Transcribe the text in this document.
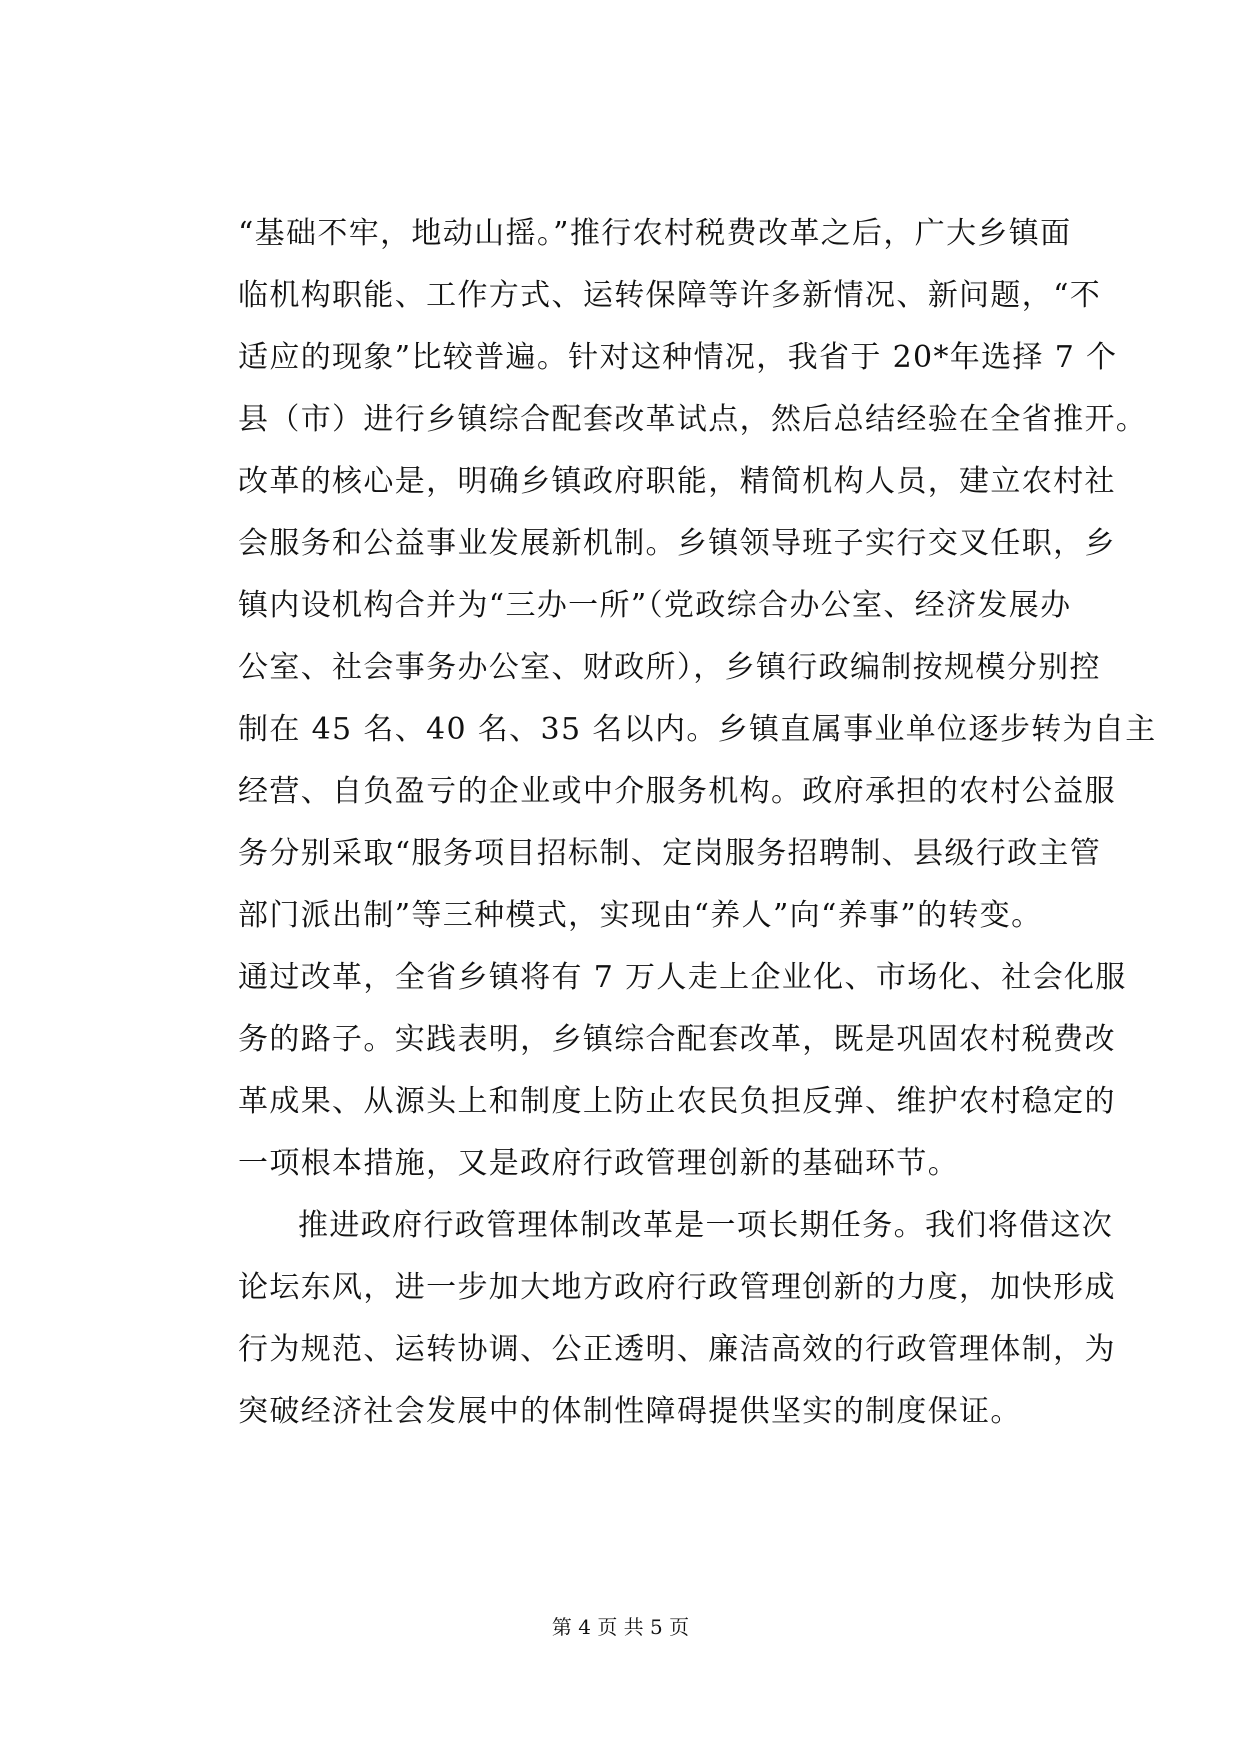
“基础不牢，地动山摇。”推行农村税费改革之后，广大乡镇面
临机构职能、工作方式、运转保障等许多新情况、新问题，“不
适应的现象”比较普遍。针对这种情况，我省于 20*年选择 7 个
县（市）进行乡镇综合配套改革试点，然后总结经验在全省推开。
改革的核心是，明确乡镇政府职能，精简机构人员，建立农村社
会服务和公益事业发展新机制。乡镇领导班子实行交叉任职，乡
镇内设机构合并为“三办一所”（党政综合办公室、经济发展办
公室、社会事务办公室、财政所），乡镇行政编制按规模分别控
制在 45 名、40 名、35 名以内。乡镇直属事业单位逐步转为自主
经营、自负盈亏的企业或中介服务机构。政府承担的农村公益服
务分别采取“服务项目招标制、定岗服务招聘制、县级行政主管
部门派出制”等三种模式，实现由“养人”向“养事”的转变。
通过改革，全省乡镇将有 7 万人走上企业化、市场化、社会化服
务的路子。实践表明，乡镇综合配套改革，既是巩固农村税费改
革成果、从源头上和制度上防止农民负担反弹、维护农村稳定的
一项根本措施，又是政府行政管理创新的基础环节。
推进政府行政管理体制改革是一项长期任务。我们将借这次
论坛东风，进一步加大地方政府行政管理创新的力度，加快形成
行为规范、运转协调、公正透明、廉洁高效的行政管理体制，为
突破经济社会发展中的体制性障碍提供坚实的制度保证。
第 4 页 共 5 页
